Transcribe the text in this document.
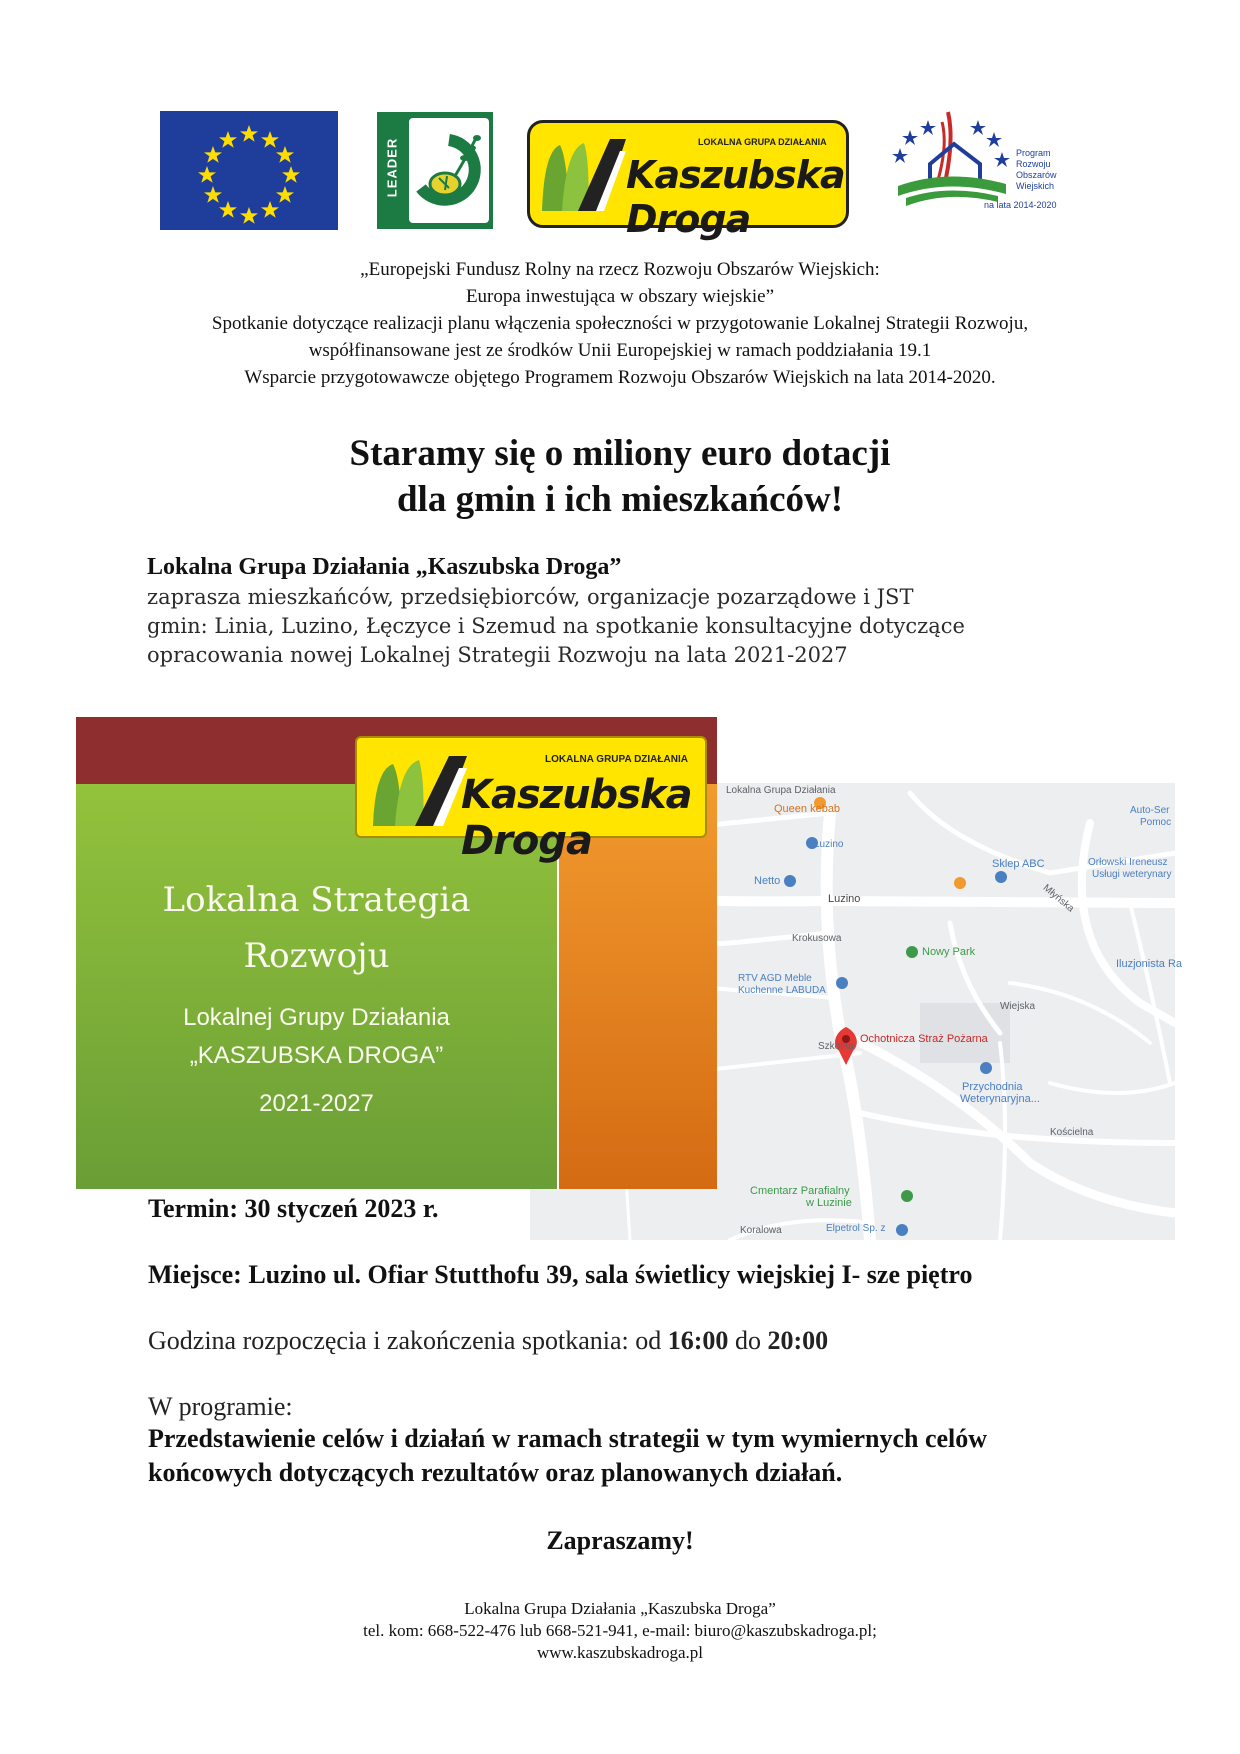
LEADER	LOKALNA GRUPA DZIAŁANIA
Kaszubska Droga
Program
Rozwoju
Obszarów
Wiejskich
na lata 2014-2020
„Europejski Fundusz Rolny na rzecz Rozwoju Obszarów Wiejskich:
Europa inwestująca w obszary wiejskie”
Spotkanie dotyczące realizacji planu włączenia społeczności w przygotowanie Lokalnej Strategii Rozwoju,
współfinansowane jest ze środków Unii Europejskiej w ramach poddziałania 19.1
Wsparcie przygotowawcze objętego Programem Rozwoju Obszarów Wiejskich na lata 2014-2020.
Staramy się o miliony euro dotacji
dla gmin i ich mieszkańców!
Lokalna Grupa Działania „Kaszubska Droga”
zaprasza mieszkańców, przedsiębiorców, organizacje pozarządowe i JST
gmin: Linia, Luzino, Łęczyce i Szemud na spotkanie konsultacyjne dotyczące
opracowania nowej Lokalnej Strategii Rozwoju na lata 2021-2027
Lokalna Grupa Działania
Queen kebab	Auto-Ser
Pomoc
Luzino
Sklep ABC	Orłowski Ireneusz
Usługi weterynary
Netto
Luzino
Krokusowa
Młyńska
Nowy Park
Iluzjonista Ra
RTV AGD Meble
Kuchenne LABUDA
Wiejska
Szkolna
Ochotnicza Straż Pożarna
Przychodnia
Weterynaryjna...
Kościelna
Cmentarz Parafialny
w Luzinie
Koralowa	Elpetrol Sp. z
LOKALNA GRUPA DZIAŁANIA
Kaszubska Droga
Lokalna Strategia
Rozwoju
Lokalnej Grupy Działania
„KASZUBSKA DROGA”
2021-2027
Termin: 30 styczeń 2023 r.
Miejsce: Luzino ul. Ofiar Stutthofu 39, sala świetlicy wiejskiej I- sze piętro
Godzina rozpoczęcia i zakończenia spotkania: od 16:00 do 20:00
W programie:
Przedstawienie celów i działań w ramach strategii w tym wymiernych celów
końcowych dotyczących rezultatów oraz planowanych działań.
Zapraszamy!
Lokalna Grupa Działania „Kaszubska Droga”
tel. kom: 668-522-476 lub 668-521-941, e-mail: biuro@kaszubskadroga.pl;
www.kaszubskadroga.pl
